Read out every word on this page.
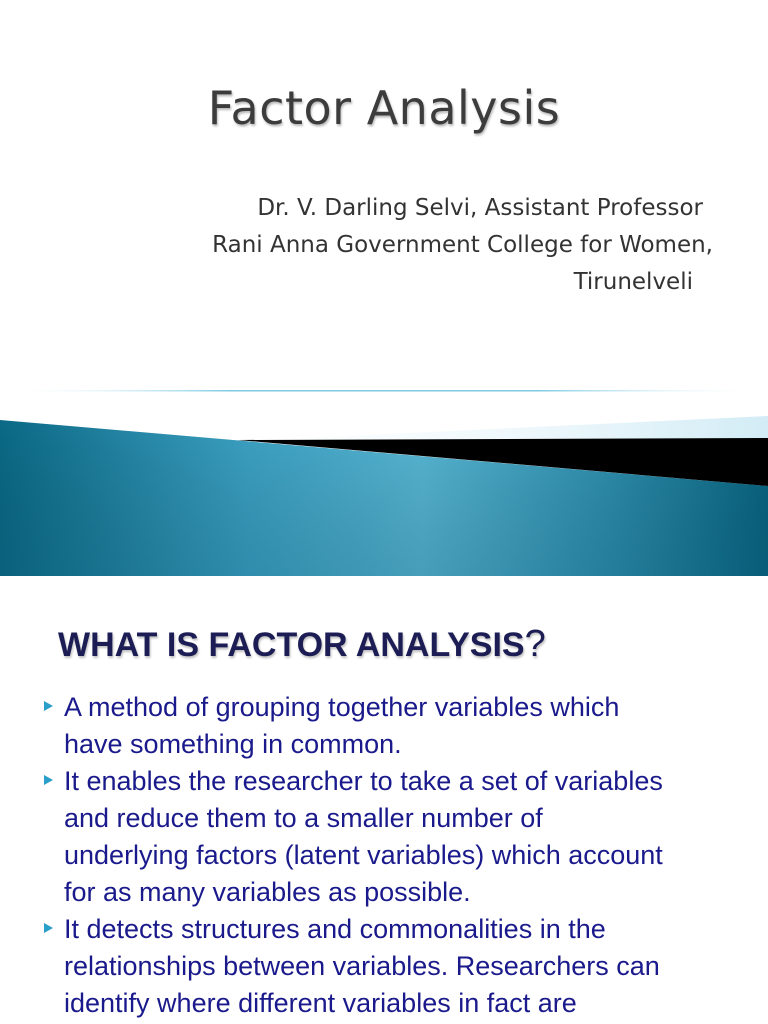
Factor Analysis
Dr. V. Darling Selvi, Assistant Professor
Rani Anna Government College for Women,
Tirunelveli
WHAT IS FACTOR ANALYSIS?
A method of grouping together variables which
have something in common.
It enables the researcher to take a set of variables
and reduce them to a smaller number of
underlying factors (latent variables) which account
for as many variables as possible.
It detects structures and commonalities in the
relationships between variables. Researchers can
identify where different variables in fact are
